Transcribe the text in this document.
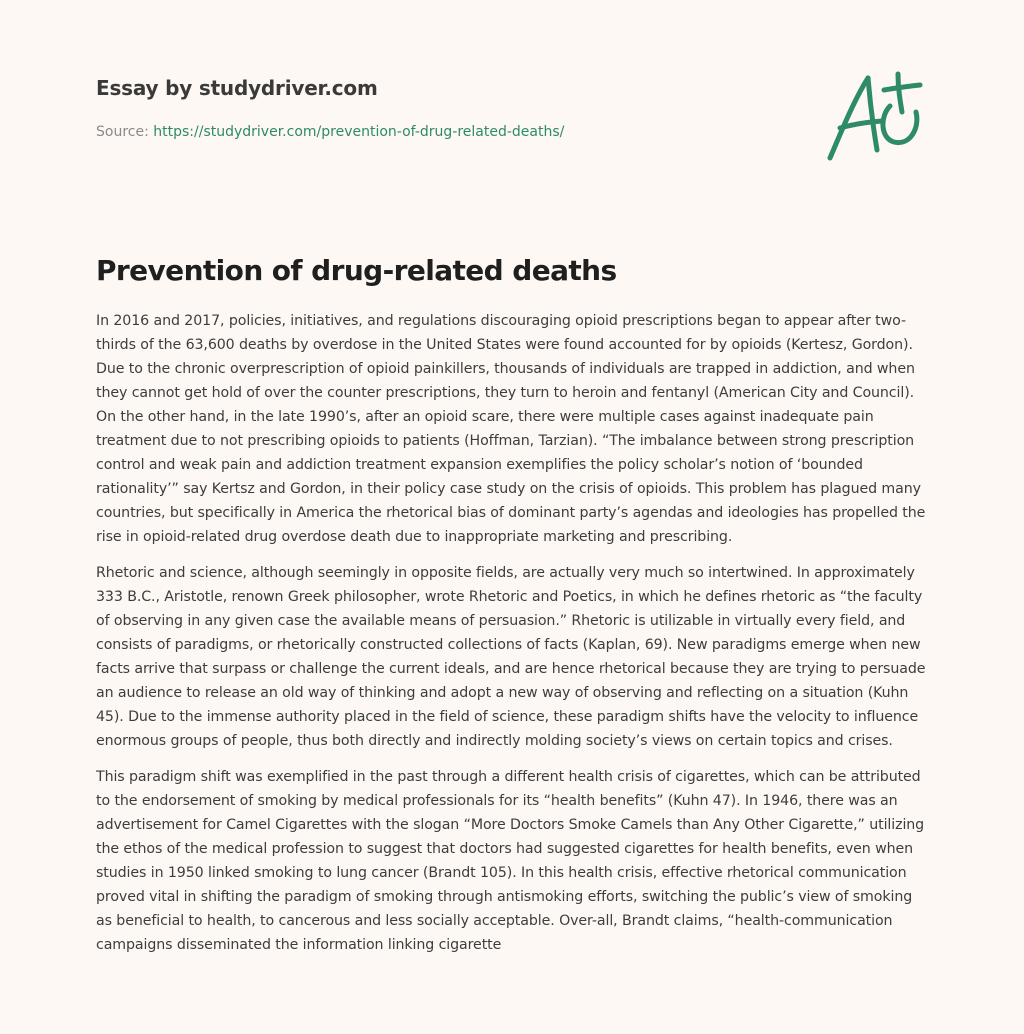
Essay by studydriver.com
Source: https://studydriver.com/prevention-of-drug-related-deaths/
Prevention of drug-related deaths

In 2016 and 2017, policies, initiatives, and regulations discouraging opioid prescriptions began to appear after two-thirds of the 63,600 deaths by overdose in the United States were found accounted for by opioids (Kertesz, Gordon). Due to the chronic overprescription of opioid painkillers, thousands of individuals are trapped in addiction, and when they cannot get hold of over the counter prescriptions, they turn to heroin and fentanyl (American City and Council). On the other hand, in the late 1990’s, after an opioid scare, there were multiple cases against inadequate pain treatment due to not prescribing opioids to patients (Hoffman, Tarzian). “The imbalance between strong prescription control and weak pain and addiction treatment expansion exemplifies the policy scholar’s notion of ‘bounded rationality’” say Kertsz and Gordon, in their policy case study on the crisis of opioids. This problem has plagued many countries, but specifically in America the rhetorical bias of dominant party’s agendas and ideologies has propelled the rise in opioid-related drug overdose death due to inappropriate marketing and prescribing.

Rhetoric and science, although seemingly in opposite fields, are actually very much so intertwined. In approximately 333 B.C., Aristotle, renown Greek philosopher, wrote Rhetoric and Poetics, in which he defines rhetoric as “the faculty of observing in any given case the available means of persuasion.” Rhetoric is utilizable in virtually every field, and consists of paradigms, or rhetorically constructed collections of facts (Kaplan, 69). New paradigms emerge when new facts arrive that surpass or challenge the current ideals, and are hence rhetorical because they are trying to persuade an audience to release an old way of thinking and adopt a new way of observing and reflecting on a situation (Kuhn 45). Due to the immense authority placed in the field of science, these paradigm shifts have the velocity to influence enormous groups of people, thus both directly and indirectly molding society’s views on certain topics and crises.

This paradigm shift was exemplified in the past through a different health crisis of cigarettes, which can be attributed to the endorsement of smoking by medical professionals for its “health benefits” (Kuhn 47). In 1946, there was an advertisement for Camel Cigarettes with the slogan “More Doctors Smoke Camels than Any Other Cigarette,” utilizing the ethos of the medical profession to suggest that doctors had suggested cigarettes for health benefits, even when studies in 1950 linked smoking to lung cancer (Brandt 105). In this health crisis, effective rhetorical communication proved vital in shifting the paradigm of smoking through antismoking efforts, switching the public’s view of smoking as beneficial to health, to cancerous and less socially acceptable. Over-all, Brandt claims, “health-communication campaigns disseminated the information linking cigarette
